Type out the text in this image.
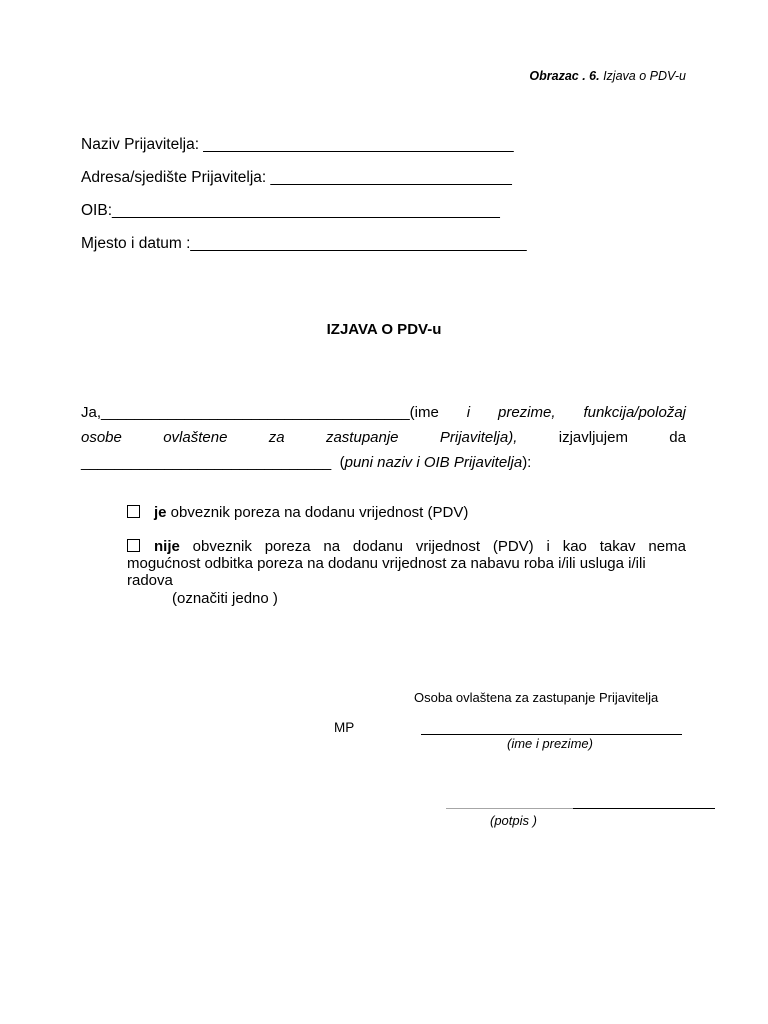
Obrazac . 6. Izjava o PDV-u
Naziv Prijavitelja: ____________________________________
Adresa/sjedište Prijavitelja: ____________________________
OIB:_____________________________________________
Mjesto i datum :_______________________________________
IZJAVA O PDV-u
Ja,_____________________________________(ime i prezime, funkcija/položaj
osobe	ovlaštene	za	zastupanje	Prijavitelja),	izjavljujem	da
______________________________  (puni naziv i OIB Prijavitelja):
je obveznik poreza na dodanu vrijednost (PDV)
nije obveznik poreza na dodanu vrijednost (PDV) i kao takav nema
mogućnost odbitka poreza na dodanu vrijednost za nabavu roba i/ili usluga i/ili
radova
(označiti jedno )
Osoba ovlaštena za zastupanje Prijavitelja
MP
(ime i prezime)
(potpis )
